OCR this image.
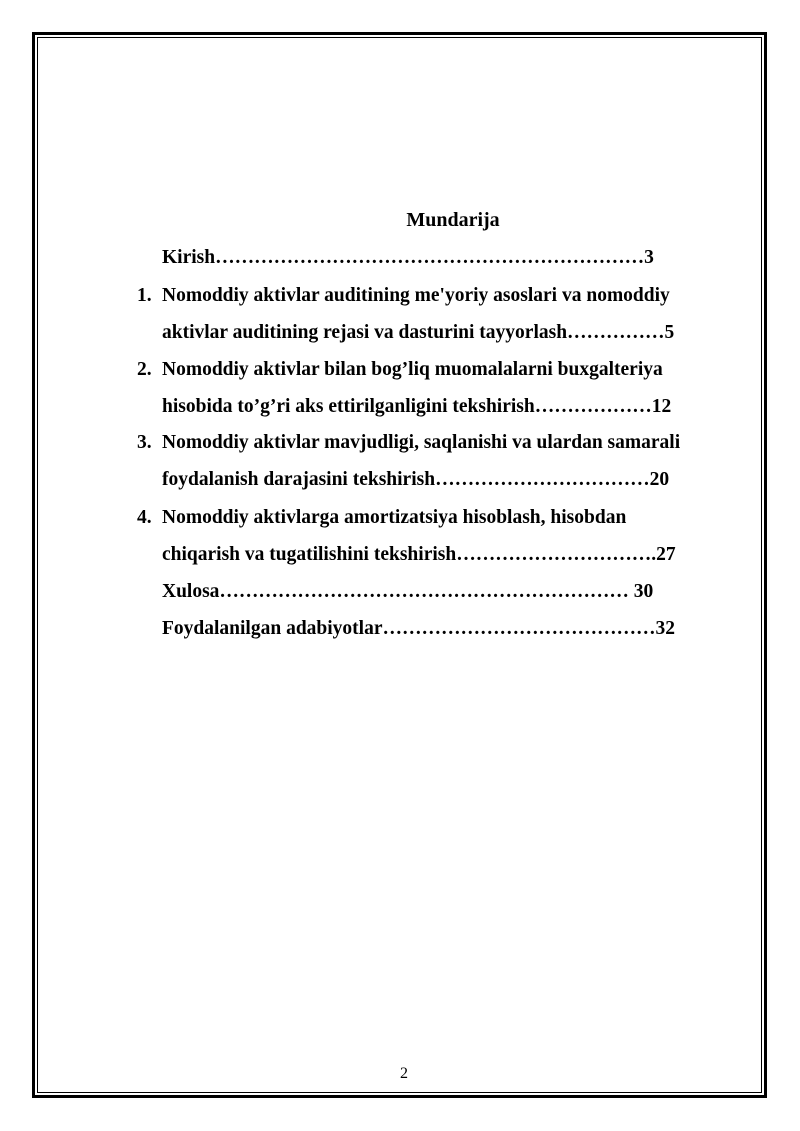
Mundarija
Kirish…………………………………………………………3
1. Nomoddiy aktivlar auditining me'yoriy asoslari va nomoddiy
aktivlar auditining rejasi va dasturini tayyorlash……………5
2. Nomoddiy aktivlar bilan bog’liq muomalalarni buxgalteriya
hisobida to’g’ri aks ettirilganligini tekshirish………………12
3. Nomoddiy aktivlar mavjudligi, saqlanishi va ulardan samarali
foydalanish darajasini tekshirish……………………………20
4. Nomoddiy aktivlarga amortizatsiya hisoblash, hisobdan
chiqarish va tugatilishini tekshirish………………………….27
Xulosa……………………………………………………… 30
Foydalanilgan adabiyotlar……………………………………32
2
